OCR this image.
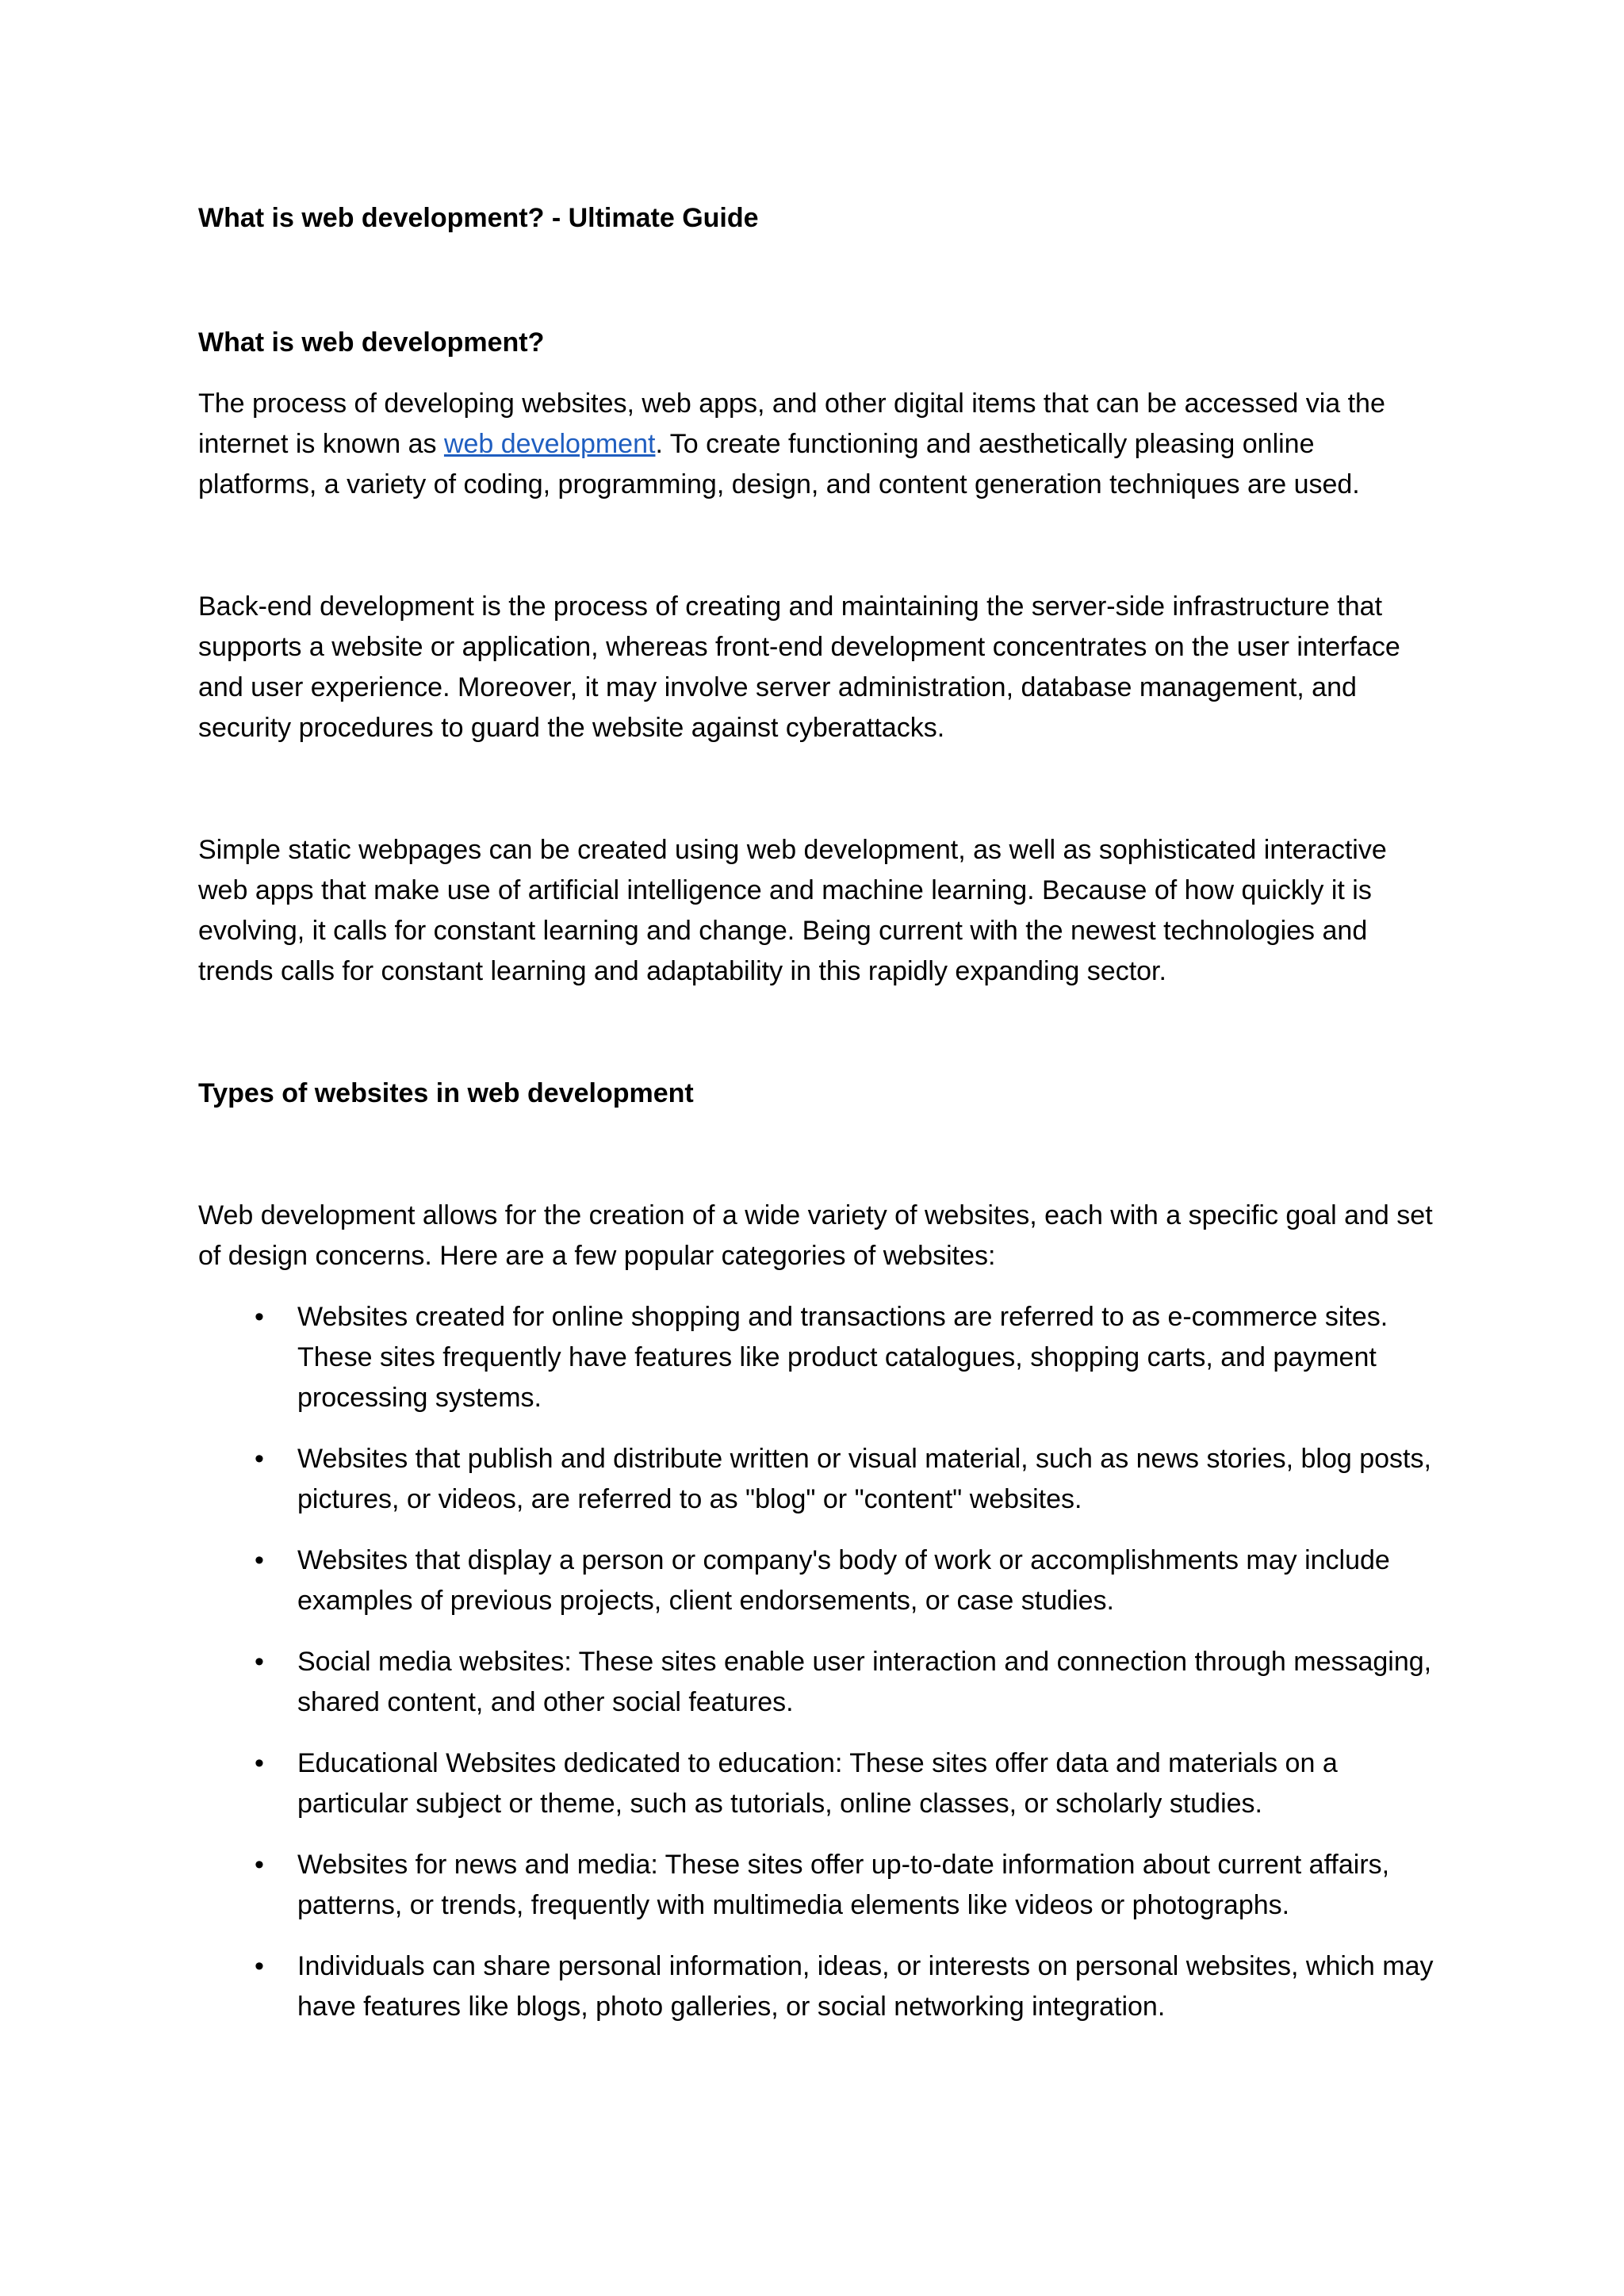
What is web development? - Ultimate Guide

What is web development?

The process of developing websites, web apps, and other digital items that can be accessed via the internet is known as web development. To create functioning and aesthetically pleasing online platforms, a variety of coding, programming, design, and content generation techniques are used.

Back-end development is the process of creating and maintaining the server-side infrastructure that supports a website or application, whereas front-end development concentrates on the user interface and user experience. Moreover, it may involve server administration, database management, and security procedures to guard the website against cyberattacks.

Simple static webpages can be created using web development, as well as sophisticated interactive web apps that make use of artificial intelligence and machine learning. Because of how quickly it is evolving, it calls for constant learning and change. Being current with the newest technologies and trends calls for constant learning and adaptability in this rapidly expanding sector.

Types of websites in web development

Web development allows for the creation of a wide variety of websites, each with a specific goal and set of design concerns. Here are a few popular categories of websites:

• Websites created for online shopping and transactions are referred to as e-commerce sites. These sites frequently have features like product catalogues, shopping carts, and payment processing systems.
• Websites that publish and distribute written or visual material, such as news stories, blog posts, pictures, or videos, are referred to as "blog" or "content" websites.
• Websites that display a person or company's body of work or accomplishments may include examples of previous projects, client endorsements, or case studies.
• Social media websites: These sites enable user interaction and connection through messaging, shared content, and other social features.
• Educational Websites dedicated to education: These sites offer data and materials on a particular subject or theme, such as tutorials, online classes, or scholarly studies.
• Websites for news and media: These sites offer up-to-date information about current affairs, patterns, or trends, frequently with multimedia elements like videos or photographs.
• Individuals can share personal information, ideas, or interests on personal websites, which may have features like blogs, photo galleries, or social networking integration.
